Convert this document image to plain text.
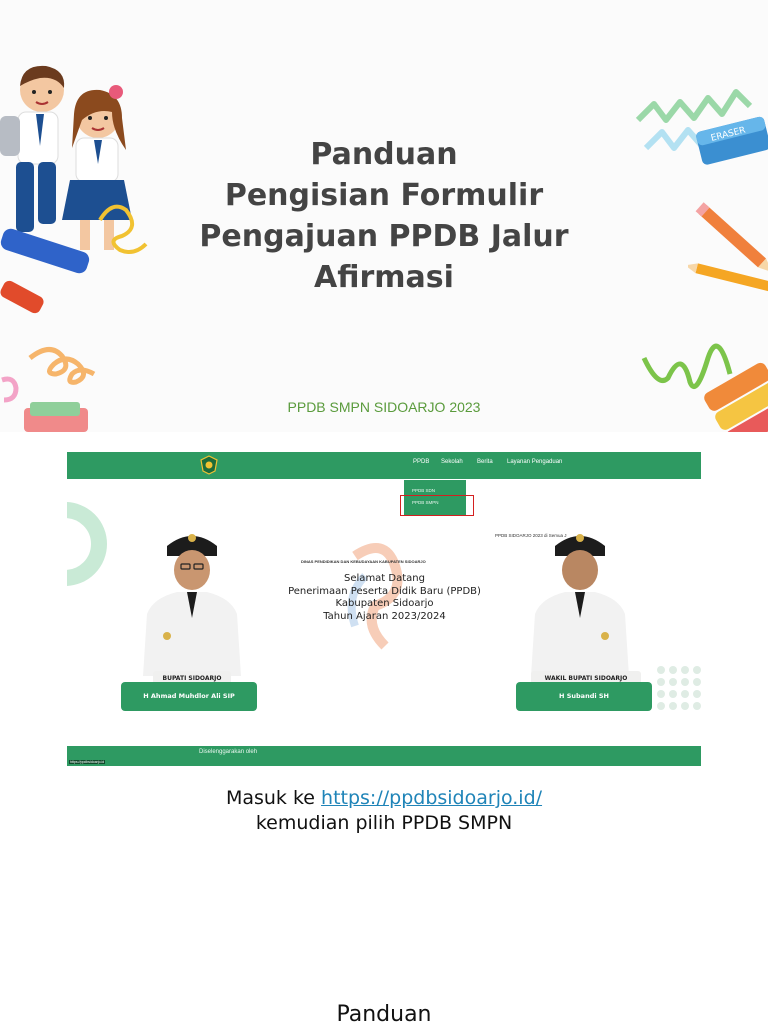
ERASER
Panduan
Pengisian Formulir
Pengajuan PPDB Jalur
Afirmasi
PPDB SMPN SIDOARJO 2023
PPDB Sekolah Berita Layanan Pengaduan
PPDB SDN
PPDB SMPN
PPDB SIDOARJO 2023 di Semua J
DINAS PENDIDIKAN DAN KEBUDAYAAN KABUPATEN SIDOARJO
Selamat Datang
Penerimaan Peserta Didik Baru (PPDB)
Kabupaten Sidoarjo
Tahun Ajaran 2023/2024
BUPATI SIDOARJO
H Ahmad Muhdlor Ali SIP
WAKIL BUPATI SIDOARJO
H Subandi SH
Diselenggarakan oleh
https://ppdbsidoarjo.id
Masuk ke https://ppdbsidoarjo.id/
kemudian pilih PPDB SMPN
Panduan
